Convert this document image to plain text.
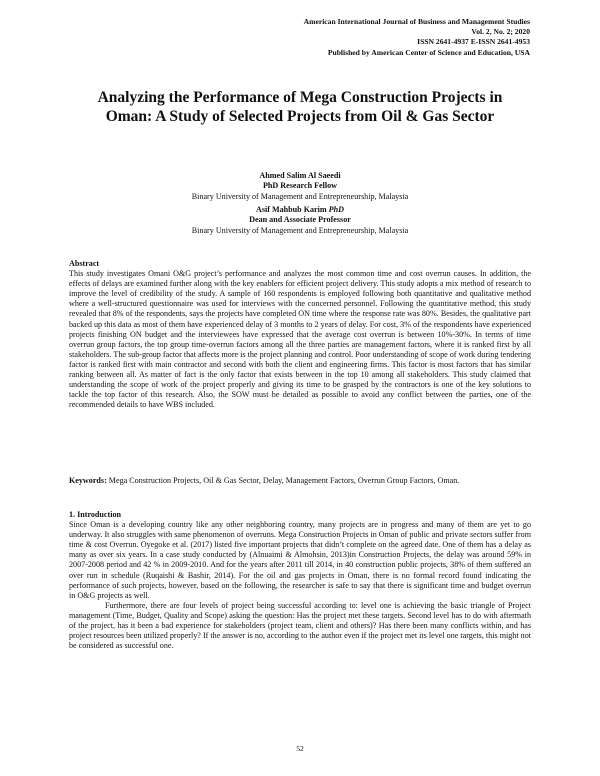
American International Journal of Business and Management Studies
Vol. 2, No. 2; 2020
ISSN 2641-4937 E-ISSN 2641-4953
Published by American Center of Science and Education, USA
Analyzing the Performance of Mega Construction Projects in
Oman: A Study of Selected Projects from Oil & Gas Sector
Ahmed Salim Al Saeedi
PhD Research Fellow
Binary University of Management and Entrepreneurship, Malaysia
Asif Mahbub Karim PhD
Dean and Associate Professor
Binary University of Management and Entrepreneurship, Malaysia
Abstract
This study investigates Omani O&G project’s performance and analyzes the most common time and cost overrun causes. In addition, the effects of delays are examined further along with the key enablers for efficient project delivery. This study adopts a mix method of research to improve the level of credibility of the study. A sample of 160 respondents is employed following both quantitative and qualitative method where a well-structured questionnaire was used for interviews with the concerned personnel. Following the quantitative method, this study revealed that 8% of the respondents, says the projects have completed ON time where the response rate was 80%. Besides, the qualitative part backed up this data as most of them have experienced delay of 3 months to 2 years of delay. For cost, 3% of the respondents have experienced projects finishing ON budget and the interviewees have expressed that the average cost overrun is between 10%-30%. In terms of time overrun group factors, the top group time-overrun factors among all the three parties are management factors, where it is ranked first by all stakeholders. The sub-group factor that affects more is the project planning and control. Poor understanding of scope of work during tendering factor is ranked first with main contractor and second with both the client and engineering firms. This factor is most factors that has similar ranking between all. As matter of fact is the only factor that exists between in the top 10 among all stakeholders. This study claimed that understanding the scope of work of the project properly and giving its time to be grasped by the contractors is one of the key solutions to tackle the top factor of this research. Also, the SOW must be detailed as possible to avoid any conflict between the parties, one of the recommended details to have WBS included.
Keywords: Mega Construction Projects, Oil & Gas Sector, Delay, Management Factors, Overrun Group Factors, Oman.
1. Introduction
Since Oman is a developing country like any other neighboring country, many projects are in progress and many of them are yet to go underway. It also struggles with same phenomenon of overruns. Mega Construction Projects in Oman of public and private sectors suffer from time & cost Overrun. Oyegoke et al. (2017) listed five important projects that didn’t complete on the agreed date. One of them has a delay as many as over six years. In a case study conducted by (Alnuaimi & Almohsin, 2013)in Construction Projects, the delay was around 59% in 2007-2008 period and 42 % in 2009-2010. And for the years after 2011 till 2014, in 40 construction public projects, 38% of them suffered an over run in schedule (Ruqaishi & Bashir, 2014). For the oil and gas projects in Oman, there is no formal record found indicating the performance of such projects, however, based on the following, the researcher is safe to say that there is significant time and budget overrun in O&G projects as well.
Furthermore, there are four levels of project being successful according to: level one is achieving the basic triangle of Project management (Time, Budget, Quality and Scope) asking the question: Has the project met these targets. Second level has to do with aftermath of the project, has it been a bad experience for stakeholders (project team, client and others)? Has there been many conflicts within, and has project resources been utilized properly? If the answer is no, according to the author even if the project met its level one targets, this might not be considered as successful one.
52
